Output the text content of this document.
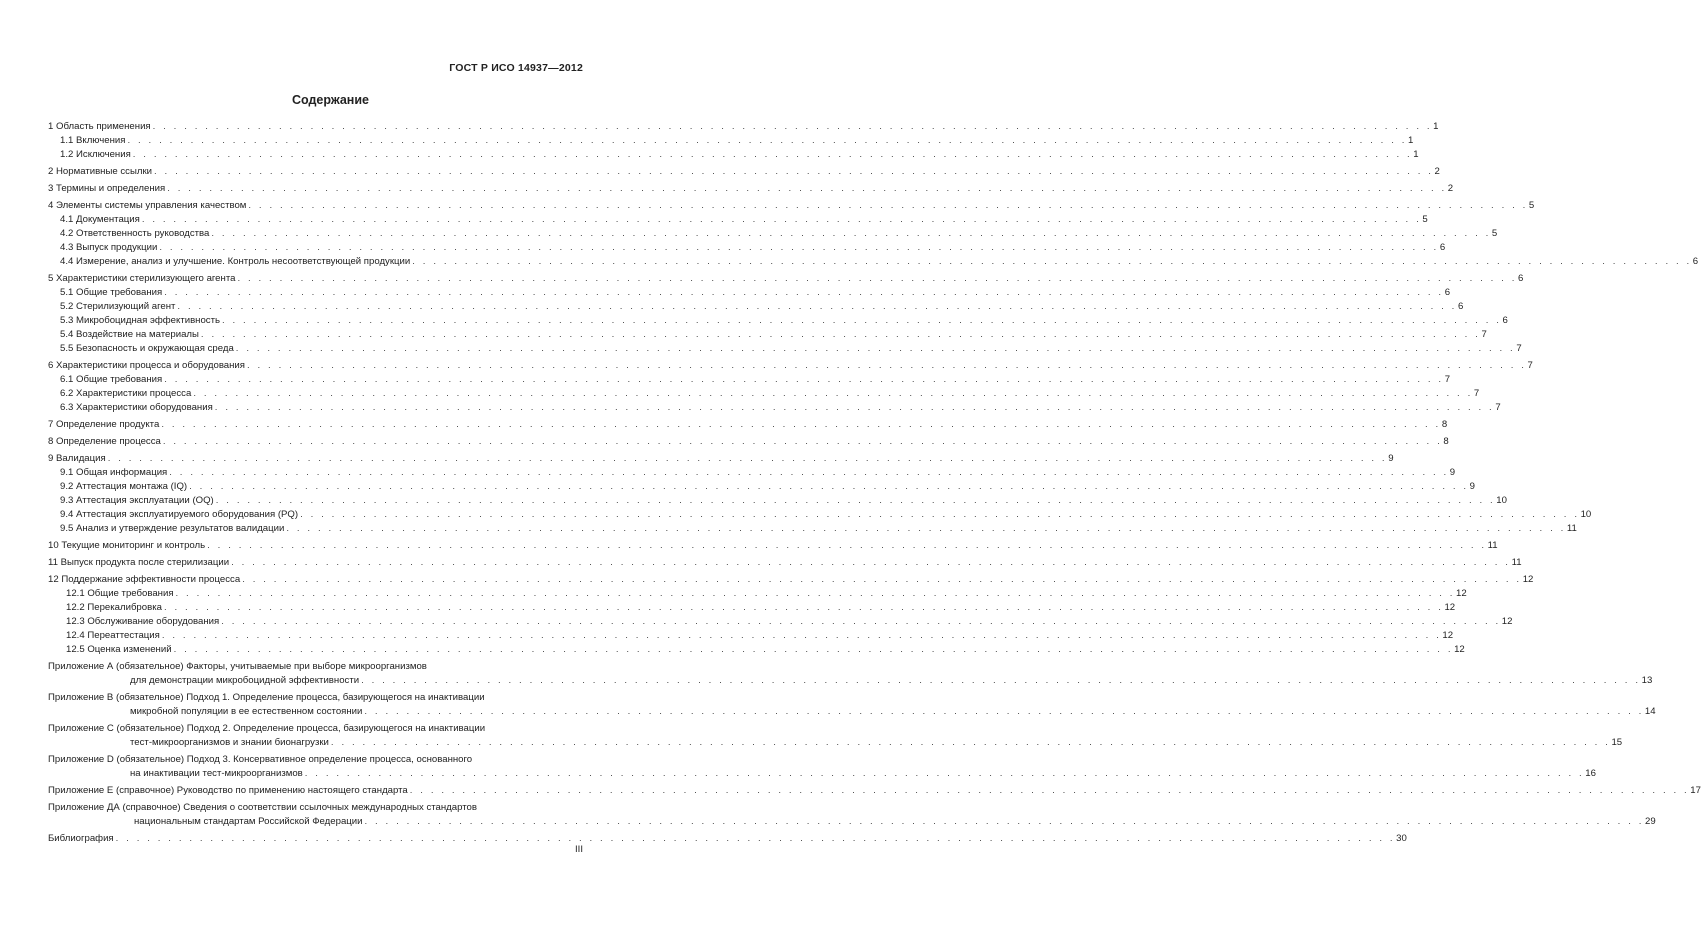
ГОСТ Р ИСО 14937—2012
Содержание
1 Область применения . . . . . . . . . . . . . . . . . . . . . . . . . . . . . . . . . . . . . . . . . . . . . . . . . . . . . . . . . . . . . . . . . . . . . . . . . . . . . . . . . . . . . . . . . . . . . . . . . . . . . . . . . . . . . . . . . . . . . . . . . . 1
1.1 Включения . . . . . . . . . . . . . . . . . . . . . . . . . . . . . . . . . . . . . . . . . . . . . . . . . . . . . . . . . . . . . . . . . . . . . . . . . . . . . . . . . . . . . . . . . . . . . . . . . . . . . . . . . . . . . . . . . . . . . . . . . . 1
1.2 Исключения . . . . . . . . . . . . . . . . . . . . . . . . . . . . . . . . . . . . . . . . . . . . . . . . . . . . . . . . . . . . . . . . . . . . . . . . . . . . . . . . . . . . . . . . . . . . . . . . . . . . . . . . . . . . . . . . . . . . . . . . . . 1
2 Нормативные ссылки . . . . . . . . . . . . . . . . . . . . . . . . . . . . . . . . . . . . . . . . . . . . . . . . . . . . . . . . . . . . . . . . . . . . . . . . . . . . . . . . . . . . . . . . . . . . . . . . . . . . . . . . . . . . . . . . . . . . . . . . . . 2
3 Термины и определения . . . . . . . . . . . . . . . . . . . . . . . . . . . . . . . . . . . . . . . . . . . . . . . . . . . . . . . . . . . . . . . . . . . . . . . . . . . . . . . . . . . . . . . . . . . . . . . . . . . . . . . . . . . . . . . . . . . . . . . . . . 2
4 Элементы системы управления качеством . . . . . . . . . . . . . . . . . . . . . . . . . . . . . . . . . . . . . . . . . . . . . . . . . . . . . . . . . . . . . . . . . . . . . . . . . . . . . . . . . . . . . . . . . . . . . . . . . . . . . . . . . . . . . . . . . . . . . . . . . . 5
4.1 Документация . . . . . . . . . . . . . . . . . . . . . . . . . . . . . . . . . . . . . . . . . . . . . . . . . . . . . . . . . . . . . . . . . . . . . . . . . . . . . . . . . . . . . . . . . . . . . . . . . . . . . . . . . . . . . . . . . . . . . . . . . . 5
4.2 Ответственность руководства . . . . . . . . . . . . . . . . . . . . . . . . . . . . . . . . . . . . . . . . . . . . . . . . . . . . . . . . . . . . . . . . . . . . . . . . . . . . . . . . . . . . . . . . . . . . . . . . . . . . . . . . . . . . . . . . . . . . . . . . . . 5
4.3 Выпуск продукции . . . . . . . . . . . . . . . . . . . . . . . . . . . . . . . . . . . . . . . . . . . . . . . . . . . . . . . . . . . . . . . . . . . . . . . . . . . . . . . . . . . . . . . . . . . . . . . . . . . . . . . . . . . . . . . . . . . . . . . . . . 6
4.4 Измерение, анализ и улучшение. Контроль несоответствующей продукции . . . . . . . . . . . . . . . . . . . . . . . . . . . . . . . . . . . . . . . . . . . . . . . . . . . . . . . . . . . . . . . . . . . . . . . . . . . . . . . . . . . . . . . . . . . . . . . . . . . . . . . . . . . . . . . . . . . . . . . . . . 6
5 Характеристики стерилизующего агента . . . . . . . . . . . . . . . . . . . . . . . . . . . . . . . . . . . . . . . . . . . . . . . . . . . . . . . . . . . . . . . . . . . . . . . . . . . . . . . . . . . . . . . . . . . . . . . . . . . . . . . . . . . . . . . . . . . . . . . . . . 6
5.1 Общие требования . . . . . . . . . . . . . . . . . . . . . . . . . . . . . . . . . . . . . . . . . . . . . . . . . . . . . . . . . . . . . . . . . . . . . . . . . . . . . . . . . . . . . . . . . . . . . . . . . . . . . . . . . . . . . . . . . . . . . . . . . . 6
5.2 Стерилизующий агент . . . . . . . . . . . . . . . . . . . . . . . . . . . . . . . . . . . . . . . . . . . . . . . . . . . . . . . . . . . . . . . . . . . . . . . . . . . . . . . . . . . . . . . . . . . . . . . . . . . . . . . . . . . . . . . . . . . . . . . . . . 6
5.3 Микробоцидная эффективность . . . . . . . . . . . . . . . . . . . . . . . . . . . . . . . . . . . . . . . . . . . . . . . . . . . . . . . . . . . . . . . . . . . . . . . . . . . . . . . . . . . . . . . . . . . . . . . . . . . . . . . . . . . . . . . . . . . . . . . . . . 6
5.4 Воздействие на материалы . . . . . . . . . . . . . . . . . . . . . . . . . . . . . . . . . . . . . . . . . . . . . . . . . . . . . . . . . . . . . . . . . . . . . . . . . . . . . . . . . . . . . . . . . . . . . . . . . . . . . . . . . . . . . . . . . . . . . . . . . . 7
5.5 Безопасность и окружающая среда . . . . . . . . . . . . . . . . . . . . . . . . . . . . . . . . . . . . . . . . . . . . . . . . . . . . . . . . . . . . . . . . . . . . . . . . . . . . . . . . . . . . . . . . . . . . . . . . . . . . . . . . . . . . . . . . . . . . . . . . . . 7
6 Характеристики процесса и оборудования . . . . . . . . . . . . . . . . . . . . . . . . . . . . . . . . . . . . . . . . . . . . . . . . . . . . . . . . . . . . . . . . . . . . . . . . . . . . . . . . . . . . . . . . . . . . . . . . . . . . . . . . . . . . . . . . . . . . . . . . . . 7
6.1 Общие требования . . . . . . . . . . . . . . . . . . . . . . . . . . . . . . . . . . . . . . . . . . . . . . . . . . . . . . . . . . . . . . . . . . . . . . . . . . . . . . . . . . . . . . . . . . . . . . . . . . . . . . . . . . . . . . . . . . . . . . . . . . 7
6.2 Характеристики процесса . . . . . . . . . . . . . . . . . . . . . . . . . . . . . . . . . . . . . . . . . . . . . . . . . . . . . . . . . . . . . . . . . . . . . . . . . . . . . . . . . . . . . . . . . . . . . . . . . . . . . . . . . . . . . . . . . . . . . . . . . . 7
6.3 Характеристики оборудования . . . . . . . . . . . . . . . . . . . . . . . . . . . . . . . . . . . . . . . . . . . . . . . . . . . . . . . . . . . . . . . . . . . . . . . . . . . . . . . . . . . . . . . . . . . . . . . . . . . . . . . . . . . . . . . . . . . . . . . . . . 7
7 Определение продукта . . . . . . . . . . . . . . . . . . . . . . . . . . . . . . . . . . . . . . . . . . . . . . . . . . . . . . . . . . . . . . . . . . . . . . . . . . . . . . . . . . . . . . . . . . . . . . . . . . . . . . . . . . . . . . . . . . . . . . . . . . 8
8 Определение процесса . . . . . . . . . . . . . . . . . . . . . . . . . . . . . . . . . . . . . . . . . . . . . . . . . . . . . . . . . . . . . . . . . . . . . . . . . . . . . . . . . . . . . . . . . . . . . . . . . . . . . . . . . . . . . . . . . . . . . . . . . . 8
9 Валидация . . . . . . . . . . . . . . . . . . . . . . . . . . . . . . . . . . . . . . . . . . . . . . . . . . . . . . . . . . . . . . . . . . . . . . . . . . . . . . . . . . . . . . . . . . . . . . . . . . . . . . . . . . . . . . . . . . . . . . . . . . 9
9.1 Общая информация . . . . . . . . . . . . . . . . . . . . . . . . . . . . . . . . . . . . . . . . . . . . . . . . . . . . . . . . . . . . . . . . . . . . . . . . . . . . . . . . . . . . . . . . . . . . . . . . . . . . . . . . . . . . . . . . . . . . . . . . . . 9
9.2 Аттестация монтажа (IQ) . . . . . . . . . . . . . . . . . . . . . . . . . . . . . . . . . . . . . . . . . . . . . . . . . . . . . . . . . . . . . . . . . . . . . . . . . . . . . . . . . . . . . . . . . . . . . . . . . . . . . . . . . . . . . . . . . . . . . . . . . . 9
9.3 Аттестация эксплуатации (OQ) . . . . . . . . . . . . . . . . . . . . . . . . . . . . . . . . . . . . . . . . . . . . . . . . . . . . . . . . . . . . . . . . . . . . . . . . . . . . . . . . . . . . . . . . . . . . . . . . . . . . . . . . . . . . . . . . . . . . . . . . . . 10
9.4 Аттестация эксплуатируемого оборудования (PQ) . . . . . . . . . . . . . . . . . . . . . . . . . . . . . . . . . . . . . . . . . . . . . . . . . . . . . . . . . . . . . . . . . . . . . . . . . . . . . . . . . . . . . . . . . . . . . . . . . . . . . . . . . . . . . . . . . . . . . . . . . . 10
9.5 Анализ и утверждение результатов валидации . . . . . . . . . . . . . . . . . . . . . . . . . . . . . . . . . . . . . . . . . . . . . . . . . . . . . . . . . . . . . . . . . . . . . . . . . . . . . . . . . . . . . . . . . . . . . . . . . . . . . . . . . . . . . . . . . . . . . . . . . . 11
10 Текущие мониторинг и контроль . . . . . . . . . . . . . . . . . . . . . . . . . . . . . . . . . . . . . . . . . . . . . . . . . . . . . . . . . . . . . . . . . . . . . . . . . . . . . . . . . . . . . . . . . . . . . . . . . . . . . . . . . . . . . . . . . . . . . . . . . . 11
11 Выпуск продукта после стерилизации . . . . . . . . . . . . . . . . . . . . . . . . . . . . . . . . . . . . . . . . . . . . . . . . . . . . . . . . . . . . . . . . . . . . . . . . . . . . . . . . . . . . . . . . . . . . . . . . . . . . . . . . . . . . . . . . . . . . . . . . . . 11
12 Поддержание эффективности процесса . . . . . . . . . . . . . . . . . . . . . . . . . . . . . . . . . . . . . . . . . . . . . . . . . . . . . . . . . . . . . . . . . . . . . . . . . . . . . . . . . . . . . . . . . . . . . . . . . . . . . . . . . . . . . . . . . . . . . . . . . . 12
12.1 Общие требования . . . . . . . . . . . . . . . . . . . . . . . . . . . . . . . . . . . . . . . . . . . . . . . . . . . . . . . . . . . . . . . . . . . . . . . . . . . . . . . . . . . . . . . . . . . . . . . . . . . . . . . . . . . . . . . . . . . . . . . . . . 12
12.2 Перекалибровка . . . . . . . . . . . . . . . . . . . . . . . . . . . . . . . . . . . . . . . . . . . . . . . . . . . . . . . . . . . . . . . . . . . . . . . . . . . . . . . . . . . . . . . . . . . . . . . . . . . . . . . . . . . . . . . . . . . . . . . . . . 12
12.3 Обслуживание оборудования . . . . . . . . . . . . . . . . . . . . . . . . . . . . . . . . . . . . . . . . . . . . . . . . . . . . . . . . . . . . . . . . . . . . . . . . . . . . . . . . . . . . . . . . . . . . . . . . . . . . . . . . . . . . . . . . . . . . . . . . . . 12
12.4 Переаттестация . . . . . . . . . . . . . . . . . . . . . . . . . . . . . . . . . . . . . . . . . . . . . . . . . . . . . . . . . . . . . . . . . . . . . . . . . . . . . . . . . . . . . . . . . . . . . . . . . . . . . . . . . . . . . . . . . . . . . . . . . . 12
12.5 Оценка изменений . . . . . . . . . . . . . . . . . . . . . . . . . . . . . . . . . . . . . . . . . . . . . . . . . . . . . . . . . . . . . . . . . . . . . . . . . . . . . . . . . . . . . . . . . . . . . . . . . . . . . . . . . . . . . . . . . . . . . . . . . . 12
Приложение А (обязательное) Факторы, учитываемые при выборе микроорганизмов
для демонстрации микробоцидной эффективности . . . . . . . . . . . . . . . . . . . . . . . . . . . . . . . . . . . . . . . . . . . . . . . . . . . . . . . . . . . . . . . . . . . . . . . . . . . . . . . . . . . . . . . . . . . . . . . . . . . . . . . . . . . . . . . . . . . . . . . . . . 13
Приложение В (обязательное) Подход 1. Определение процесса, базирующегося на инактивации
микробной популяции в ее естественном состоянии . . . . . . . . . . . . . . . . . . . . . . . . . . . . . . . . . . . . . . . . . . . . . . . . . . . . . . . . . . . . . . . . . . . . . . . . . . . . . . . . . . . . . . . . . . . . . . . . . . . . . . . . . . . . . . . . . . . . . . . . . . 14
Приложение С (обязательное) Подход 2. Определение процесса, базирующегося на инактивации
тест-микроорганизмов и знании бионагрузки . . . . . . . . . . . . . . . . . . . . . . . . . . . . . . . . . . . . . . . . . . . . . . . . . . . . . . . . . . . . . . . . . . . . . . . . . . . . . . . . . . . . . . . . . . . . . . . . . . . . . . . . . . . . . . . . . . . . . . . . . . 15
Приложение D (обязательное) Подход 3. Консервативное определение процесса, основанного
на инактивации тест-микроорганизмов . . . . . . . . . . . . . . . . . . . . . . . . . . . . . . . . . . . . . . . . . . . . . . . . . . . . . . . . . . . . . . . . . . . . . . . . . . . . . . . . . . . . . . . . . . . . . . . . . . . . . . . . . . . . . . . . . . . . . . . . . . 16
Приложение Е (справочное) Руководство по применению настоящего стандарта . . . . . . . . . . . . . . . . . . . . . . . . . . . . . . . . . . . . . . . . . . . . . . . . . . . . . . . . . . . . . . . . . . . . . . . . . . . . . . . . . . . . . . . . . . . . . . . . . . . . . . . . . . . . . . . . . . . . . . . . . . 17
Приложение ДА (справочное) Сведения о соответствии ссылочных международных стандартов
национальным стандартам Российской Федерации . . . . . . . . . . . . . . . . . . . . . . . . . . . . . . . . . . . . . . . . . . . . . . . . . . . . . . . . . . . . . . . . . . . . . . . . . . . . . . . . . . . . . . . . . . . . . . . . . . . . . . . . . . . . . . . . . . . . . . . . . . 29
Библиография . . . . . . . . . . . . . . . . . . . . . . . . . . . . . . . . . . . . . . . . . . . . . . . . . . . . . . . . . . . . . . . . . . . . . . . . . . . . . . . . . . . . . . . . . . . . . . . . . . . . . . . . . . . . . . . . . . . . . . . . . . 30
III
